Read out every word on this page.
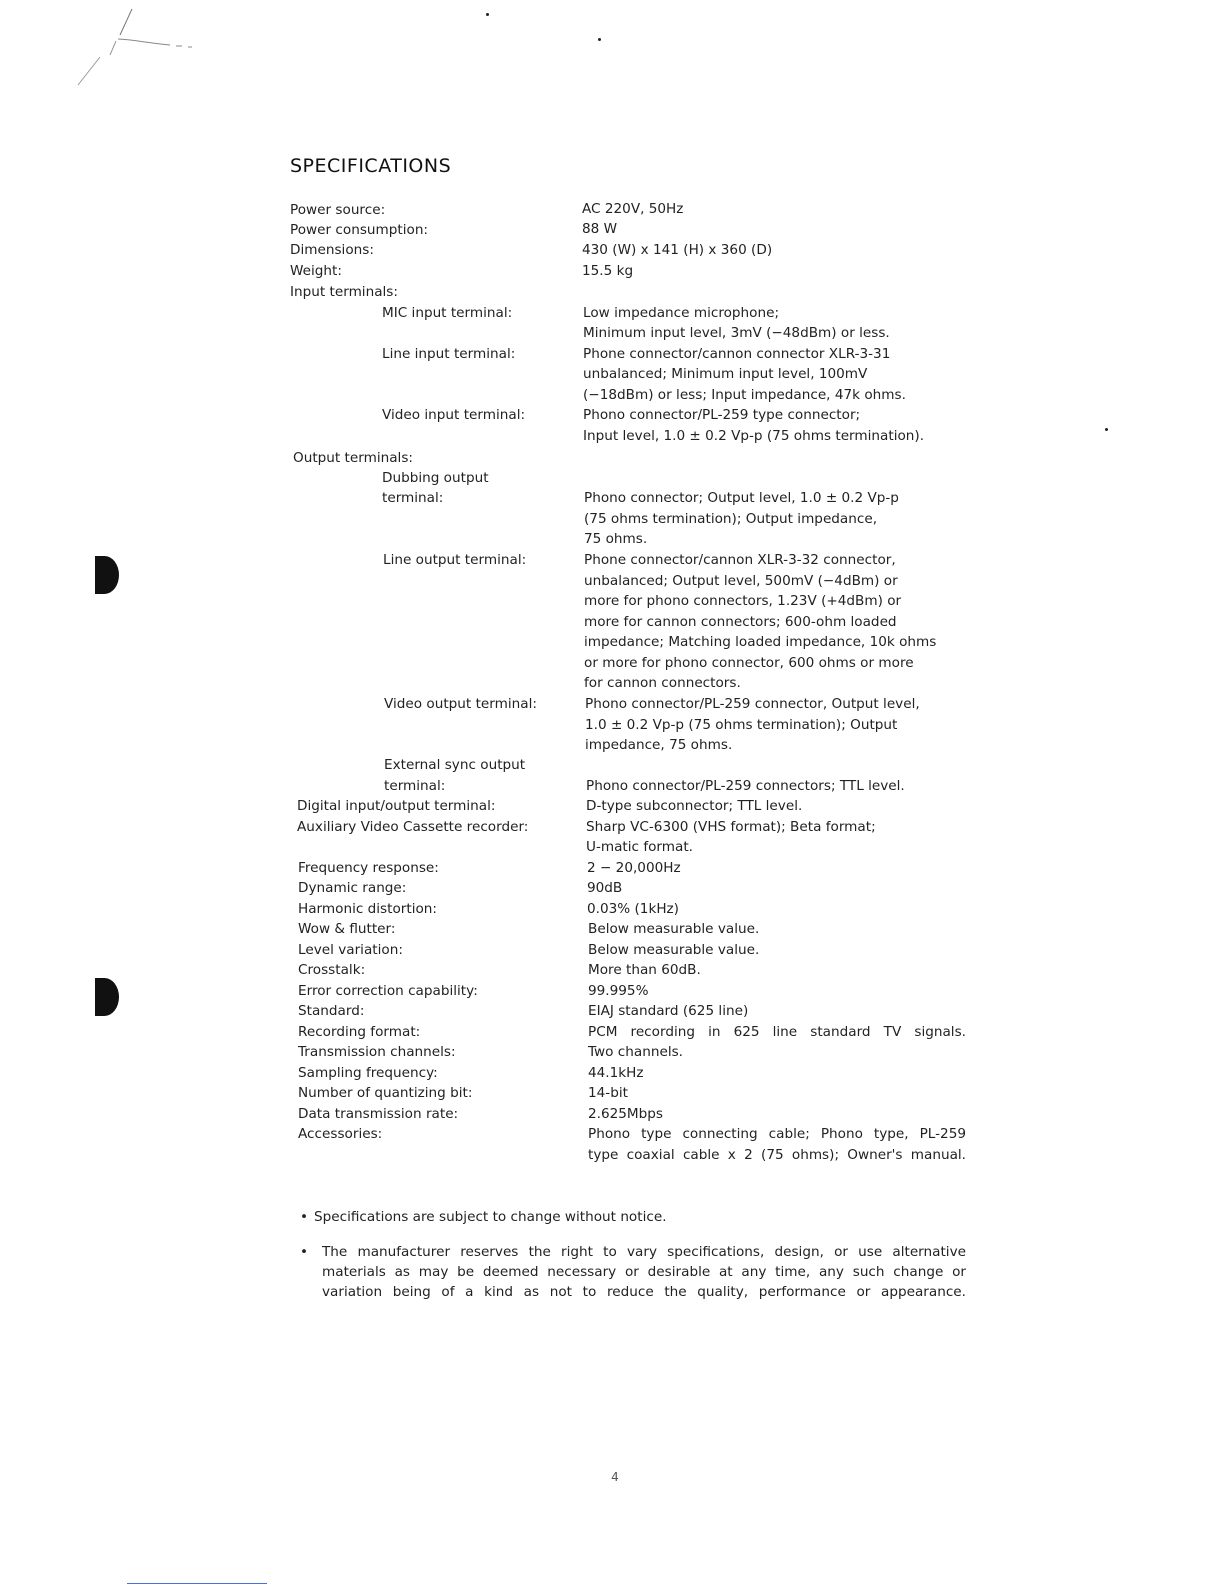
SPECIFICATIONS
Power source:	AC 220V, 50Hz
Power consumption:	88 W
Dimensions:	430 (W) x 141 (H) x 360 (D)
Weight:	15.5 kg
Input terminals:
MIC input terminal:	Low impedance microphone;
Minimum input level, 3mV (−48dBm) or less.
Line input terminal:	Phone connector/cannon connector XLR-3-31
unbalanced; Minimum input level, 100mV
(−18dBm) or less; Input impedance, 47k ohms.
Video input terminal:	Phono connector/PL-259 type connector;
Input level, 1.0 ± 0.2 Vp-p (75 ohms termination).
Output terminals:
Dubbing output
terminal:	Phono connector; Output level, 1.0 ± 0.2 Vp-p
(75 ohms termination); Output impedance,
75 ohms.
Line output terminal:	Phone connector/cannon XLR-3-32 connector,
unbalanced; Output level, 500mV (−4dBm) or
more for phono connectors, 1.23V (+4dBm) or
more for cannon connectors; 600-ohm loaded
impedance; Matching loaded impedance, 10k ohms
or more for phono connector, 600 ohms or more
for cannon connectors.
Video output terminal:	Phono connector/PL-259 connector, Output level,
1.0 ± 0.2 Vp-p (75 ohms termination); Output
impedance, 75 ohms.
External sync output
terminal:	Phono connector/PL-259 connectors; TTL level.
Digital input/output terminal:	D-type subconnector; TTL level.
Auxiliary Video Cassette recorder:	Sharp VC-6300 (VHS format); Beta format;
U-matic format.
Frequency response:	2 − 20,000Hz
Dynamic range:	90dB
Harmonic distortion:	0.03% (1kHz)
Wow & flutter:	Below measurable value.
Level variation:	Below measurable value.
Crosstalk:	More than 60dB.
Error correction capability:	99.995%
Standard:	EIAJ standard (625 line)
Recording format:	PCM recording in 625 line standard TV signals.
Transmission channels:	Two channels.
Sampling frequency:	44.1kHz
Number of quantizing bit:	14-bit
Data transmission rate:	2.625Mbps
Accessories:	Phono type connecting cable; Phono type, PL-259
type coaxial cable x 2 (75 ohms); Owner's manual.
• Specifications are subject to change without notice.
•	The manufacturer reserves the right to vary specifications, design, or use alternative
materials as may be deemed necessary or desirable at any time, any such change or
variation being of a kind as not to reduce the quality, performance or appearance.
4
